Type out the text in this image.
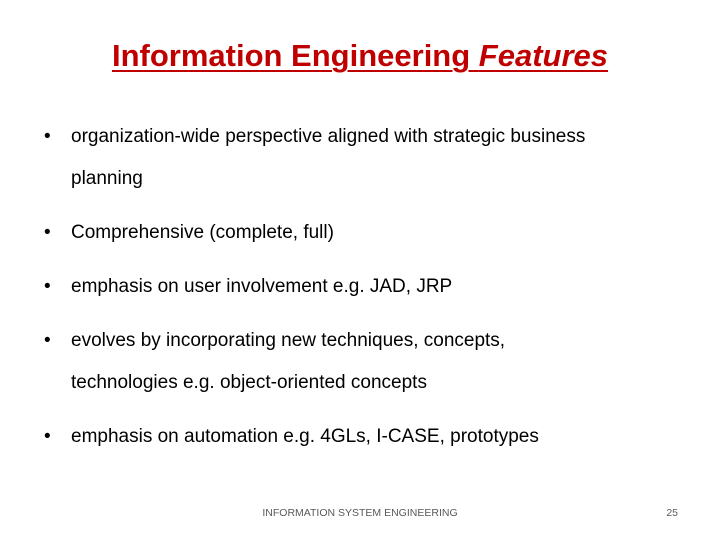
Information Engineering Features
•	organization-wide perspective aligned with strategic business
planning
•	Comprehensive (complete, full)
•	emphasis on user involvement e.g. JAD, JRP
•	evolves by incorporating new techniques, concepts,
technologies e.g. object-oriented concepts
•	emphasis on automation e.g. 4GLs, I-CASE, prototypes
INFORMATION SYSTEM ENGINEERING	25
